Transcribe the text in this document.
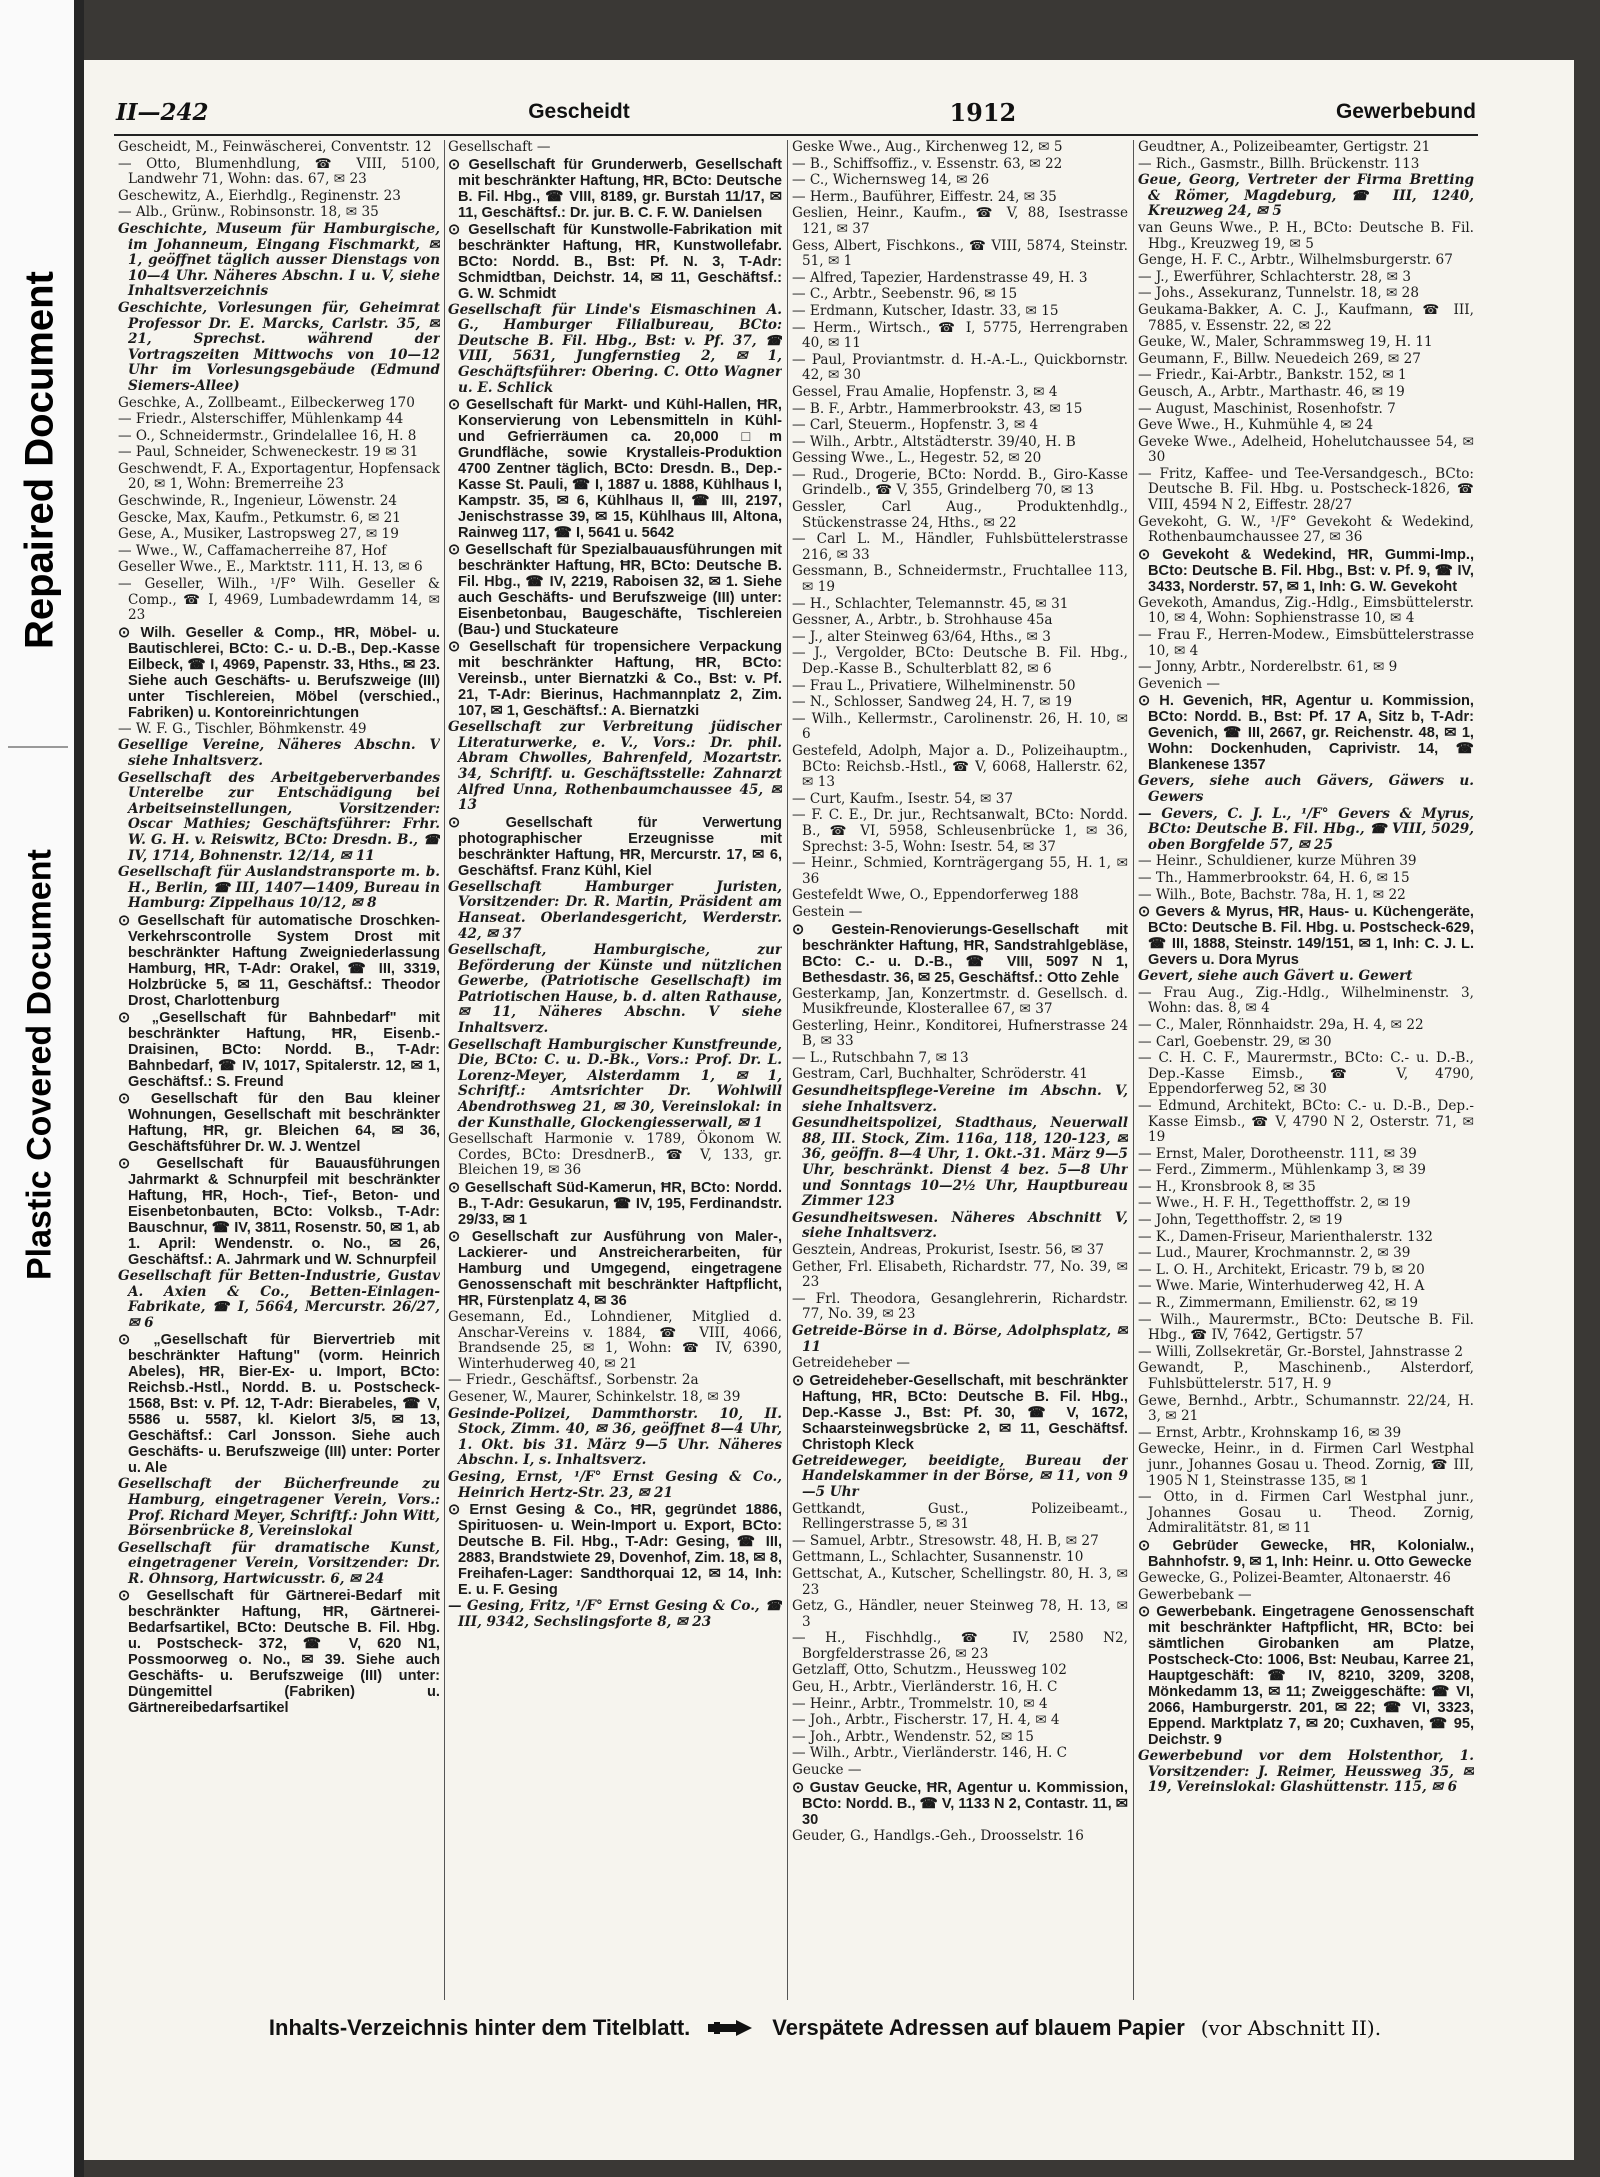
Repaired Document
Plastic Covered Document
II—242	Gescheidt	1912	Gewerbebund

Gescheidt, M., Feinwäscherei, Conventstr. 12

— Otto, Blumenhdlung, ☎ VIII, 5100, Landwehr 71, Wohn: das. 67, ✉ 23

Geschewitz, A., Eierhdlg., Reginenstr. 23

— Alb., Grünw., Robinsonstr. 18, ✉ 35

Geschichte, Museum für Hamburgische, im Johanneum, Eingang Fischmarkt, ✉ 1, geöffnet täglich ausser Dienstags von 10—4 Uhr. Näheres Abschn. I u. V, siehe Inhaltsverzeichnis

Geschichte, Vorlesungen für, Geheimrat Professor Dr. E. Marcks, Carlstr. 35, ✉ 21, Sprechst. während der Vortragszeiten Mittwochs von 10—12 Uhr im Vorlesungsgebäude (Edmund Siemers-Allee)

Geschke, A., Zollbeamt., Eilbeckerweg 170

— Friedr., Alsterschiffer, Mühlenkamp 44

— O., Schneidermstr., Grindelallee 16, H. 8

— Paul, Schneider, Schweneckestr. 19 ✉ 31

Geschwendt, F. A., Exportagentur, Hopfensack 20, ✉ 1, Wohn: Bremerreihe 23

Geschwinde, R., Ingenieur, Löwenstr. 24

Gescke, Max, Kaufm., Petkumstr. 6, ✉ 21

Gese, A., Musiker, Lastropsweg 27, ✉ 19

— Wwe., W., Caffamacherreihe 87, Hof

Geseller Wwe., E., Marktstr. 111, H. 13, ✉ 6

— Geseller, Wilh., ¹/F° Wilh. Geseller & Comp., ☎ I, 4969, Lumbadewrdamm 14, ✉ 23

⊙ Wilh. Geseller & Comp., ĦR, Möbel- u. Bautischlerei, BCto: C.- u. D.-B., Dep.-Kasse Eilbeck, ☎ I, 4969, Papenstr. 33, Hths., ✉ 23. Siehe auch Geschäfts- u. Berufszweige (III) unter Tischlereien, Möbel (verschied., Fabriken) u. Kontoreinrichtungen

— W. F. G., Tischler, Böhmkenstr. 49

Gesellige Vereine, Näheres Abschn. V siehe Inhaltsverz.

Gesellschaft des Arbeitgeberverbandes Unterelbe zur Entschädigung bei Arbeitseinstellungen, Vorsitzender: Oscar Mathies; Geschäftsführer: Frhr. W. G. H. v. Reiswitz, BCto: Dresdn. B., ☎ IV, 1714, Bohnenstr. 12/14, ✉ 11

Gesellschaft für Auslandstransporte m. b. H., Berlin, ☎ III, 1407—1409, Bureau in Hamburg: Zippelhaus 10/12, ✉ 8

⊙ Gesellschaft für automatische Droschken-Verkehrscontrolle System Drost mit beschränkter Haftung Zweigniederlassung Hamburg, ĦR, T-Adr: Orakel, ☎ III, 3319, Holzbrücke 5, ✉ 11, Geschäftsf.: Theodor Drost, Charlottenburg

⊙ „Gesellschaft für Bahnbedarf" mit beschränkter Haftung, ĦR, Eisenb.-Draisinen, BCto: Nordd. B., T-Adr: Bahnbedarf, ☎ IV, 1017, Spitalerstr. 12, ✉ 1, Geschäftsf.: S. Freund

⊙ Gesellschaft für den Bau kleiner Wohnungen, Gesellschaft mit beschränkter Haftung, ĦR, gr. Bleichen 64, ✉ 36, Geschäftsführer Dr. W. J. Wentzel

⊙ Gesellschaft für Bauausführungen Jahrmarkt & Schnurpfeil mit beschränkter Haftung, ĦR, Hoch-, Tief-, Beton- und Eisenbetonbauten, BCto: Volksb., T-Adr: Bauschnur, ☎ IV, 3811, Rosenstr. 50, ✉ 1, ab 1. April: Wendenstr. o. No., ✉ 26, Geschäftsf.: A. Jahrmark und W. Schnurpfeil

Gesellschaft für Betten-Industrie, Gustav A. Axien & Co., Betten-Einlagen-Fabrikate, ☎ I, 5664, Mercurstr. 26/27, ✉ 6

⊙ „Gesellschaft für Biervertrieb mit beschränkter Haftung" (vorm. Heinrich Abeles), ĦR, Bier-Ex- u. Import, BCto: Reichsb.-Hstl., Nordd. B. u. Postscheck- 1568, Bst: v. Pf. 12, T-Adr: Bierabeles, ☎ V, 5586 u. 5587, kl. Kielort 3/5, ✉ 13, Geschäftsf.: Carl Jonsson. Siehe auch Geschäfts- u. Berufszweige (III) unter: Porter u. Ale

Gesellschaft der Bücherfreunde zu Hamburg, eingetragener Verein, Vors.: Prof. Richard Meyer, Schriftf.: John Witt, Börsenbrücke 8, Vereinslokal

Gesellschaft für dramatische Kunst, eingetragener Verein, Vorsitzender: Dr. R. Ohnsorg, Hartwicusstr. 6, ✉ 24

⊙ Gesellschaft für Gärtnerei-Bedarf mit beschränkter Haftung, ĦR, Gärtnerei-Bedarfsartikel, BCto: Deutsche B. Fil. Hbg. u. Postscheck- 372, ☎ V, 620 N1, Possmoorweg o. No., ✉ 39. Siehe auch Geschäfts- u. Berufszweige (III) unter: Düngemittel (Fabriken) u. Gärtnereibedarfsartikel

Gesellschaft —

⊙ Gesellschaft für Grunderwerb, Gesellschaft mit beschränkter Haftung, ĦR, BCto: Deutsche B. Fil. Hbg., ☎ VIII, 8189, gr. Burstah 11/17, ✉ 11, Geschäftsf.: Dr. jur. B. C. F. W. Danielsen

⊙ Gesellschaft für Kunstwolle-Fabrikation mit beschränkter Haftung, ĦR, Kunstwollefabr. BCto: Nordd. B., Bst: Pf. N. 3, T-Adr: Schmidtban, Deichstr. 14, ✉ 11, Geschäftsf.: G. W. Schmidt

Gesellschaft für Linde's Eismaschinen A. G., Hamburger Filialbureau, BCto: Deutsche B. Fil. Hbg., Bst: v. Pf. 37, ☎ VIII, 5631, Jungfernstieg 2, ✉ 1, Geschäftsführer: Obering. C. Otto Wagner u. E. Schlick

⊙ Gesellschaft für Markt- und Kühl-Hallen, ĦR, Konservierung von Lebensmitteln in Kühl- und Gefrierräumen ca. 20,000 □m Grundfläche, sowie Krystalleis-Produktion 4700 Zentner täglich, BCto: Dresdn. B., Dep.-Kasse St. Pauli, ☎ I, 1887 u. 1888, Kühlhaus I, Kampstr. 35, ✉ 6, Kühlhaus II, ☎ III, 2197, Jenischstrasse 39, ✉ 15, Kühlhaus III, Altona, Rainweg 117, ☎ I, 5641 u. 5642

⊙ Gesellschaft für Spezialbauausführungen mit beschränkter Haftung, ĦR, BCto: Deutsche B. Fil. Hbg., ☎ IV, 2219, Raboisen 32, ✉ 1. Siehe auch Geschäfts- und Berufszweige (III) unter: Eisenbetonbau, Baugeschäfte, Tischlereien (Bau-) und Stuckateure

⊙ Gesellschaft für tropensichere Verpackung mit beschränkter Haftung, ĦR, BCto: Vereinsb., unter Biernatzki & Co., Bst: v. Pf. 21, T-Adr: Bierinus, Hachmannplatz 2, Zim. 107, ✉ 1, Geschäftsf.: A. Biernatzki

Gesellschaft zur Verbreitung jüdischer Literaturwerke, e. V., Vors.: Dr. phil. Abram Chwolles, Bahrenfeld, Mozartstr. 34, Schriftf. u. Geschäftsstelle: Zahnarzt Alfred Unna, Rothenbaumchaussee 45, ✉ 13

⊙ Gesellschaft für Verwertung photographischer Erzeugnisse mit beschränkter Haftung, ĦR, Mercurstr. 17, ✉ 6, Geschäftsf. Franz Kühl, Kiel

Gesellschaft Hamburger Juristen, Vorsitzender: Dr. R. Martin, Präsident am Hanseat. Oberlandesgericht, Werderstr. 42, ✉ 37

Gesellschaft, Hamburgische, zur Beförderung der Künste und nützlichen Gewerbe, (Patriotische Gesellschaft) im Patriotischen Hause, b. d. alten Rathause, ✉ 11, Näheres Abschn. V siehe Inhaltsverz.

Gesellschaft Hamburgischer Kunstfreunde, Die, BCto: C. u. D.-Bk., Vors.: Prof. Dr. L. Lorenz-Meyer, Alsterdamm 1, ✉ 1, Schriftf.: Amtsrichter Dr. Wohlwill Abendrothsweg 21, ✉ 30, Vereinslokal: in der Kunsthalle, Glockengiesserwall, ✉ 1

Gesellschaft Harmonie v. 1789, Ökonom W. Cordes, BCto: DresdnerB., ☎ V, 133, gr. Bleichen 19, ✉ 36

⊙ Gesellschaft Süd-Kamerun, ĦR, BCto: Nordd. B., T-Adr: Gesukarun, ☎ IV, 195, Ferdinandstr. 29/33, ✉ 1

⊙ Gesellschaft zur Ausführung von Maler-, Lackierer- und Anstreicherarbeiten, für Hamburg und Umgegend, eingetragene Genossenschaft mit beschränkter Haftpflicht, ĦR, Fürstenplatz 4, ✉ 36

Gesemann, Ed., Lohndiener, Mitglied d. Anschar-Vereins v. 1884, ☎ VIII, 4066, Brandsende 25, ✉ 1, Wohn: ☎ IV, 6390, Winterhuderweg 40, ✉ 21

— Friedr., Geschäftsf., Sorbenstr. 2a

Gesener, W., Maurer, Schinkelstr. 18, ✉ 39

Gesinde-Polizei, Dammthorstr. 10, II. Stock, Zimm. 40, ✉ 36, geöffnet 8—4 Uhr, 1. Okt. bis 31. März 9—5 Uhr. Näheres Abschn. I, s. Inhaltsverz.

Gesing, Ernst, ¹/F° Ernst Gesing & Co., Heinrich Hertz-Str. 23, ✉ 21

⊙ Ernst Gesing & Co., ĦR, gegründet 1886, Spirituosen- u. Wein-Import u. Export, BCto: Deutsche B. Fil. Hbg., T-Adr: Gesing, ☎ III, 2883, Brandstwiete 29, Dovenhof, Zim. 18, ✉ 8, Freihafen-Lager: Sandthorquai 12, ✉ 14, Inh: E. u. F. Gesing

— Gesing, Fritz, ¹/F° Ernst Gesing & Co., ☎ III, 9342, Sechslingsforte 8, ✉ 23

Geske Wwe., Aug., Kirchenweg 12, ✉ 5

— B., Schiffsoffiz., v. Essenstr. 63, ✉ 22

— C., Wichernsweg 14, ✉ 26

— Herm., Bauführer, Eiffestr. 24, ✉ 35

Geslien, Heinr., Kaufm., ☎ V, 88, Isestrasse 121, ✉ 37

Gess, Albert, Fischkons., ☎ VIII, 5874, Steinstr. 51, ✉ 1

— Alfred, Tapezier, Hardenstrasse 49, H. 3

— C., Arbtr., Seebenstr. 96, ✉ 15

— Erdmann, Kutscher, Idastr. 33, ✉ 15

— Herm., Wirtsch., ☎ I, 5775, Herrengraben 40, ✉ 11

— Paul, Proviantmstr. d. H.-A.-L., Quickbornstr. 42, ✉ 30

Gessel, Frau Amalie, Hopfenstr. 3, ✉ 4

— B. F., Arbtr., Hammerbrookstr. 43, ✉ 15

— Carl, Steuerm., Hopfenstr. 3, ✉ 4

— Wilh., Arbtr., Altstädterstr. 39/40, H. B

Gessing Wwe., L., Hegestr. 52, ✉ 20

— Rud., Drogerie, BCto: Nordd. B., Giro-Kasse Grindelb., ☎ V, 355, Grindelberg 70, ✉ 13

Gessler, Carl Aug., Produktenhdlg., Stückenstrasse 24, Hths., ✉ 22

— Carl L. M., Händler, Fuhlsbüttelerstrasse 216, ✉ 33

Gessmann, B., Schneidermstr., Fruchtallee 113, ✉ 19

— H., Schlachter, Telemannstr. 45, ✉ 31

Gessner, A., Arbtr., b. Strohhause 45a

— J., alter Steinweg 63/64, Hths., ✉ 3

— J., Vergolder, BCto: Deutsche B. Fil. Hbg., Dep.-Kasse B., Schulterblatt 82, ✉ 6

— Frau L., Privatiere, Wilhelminenstr. 50

— N., Schlosser, Sandweg 24, H. 7, ✉ 19

— Wilh., Kellermstr., Carolinenstr. 26, H. 10, ✉ 6

Gestefeld, Adolph, Major a. D., Polizeihauptm., BCto: Reichsb.-Hstl., ☎ V, 6068, Hallerstr. 62, ✉ 13

— Curt, Kaufm., Isestr. 54, ✉ 37

— F. C. E., Dr. jur., Rechtsanwalt, BCto: Nordd. B., ☎ VI, 5958, Schleusenbrücke 1, ✉ 36, Sprechst: 3-5, Wohn: Isestr. 54, ✉ 37

— Heinr., Schmied, Kornträgergang 55, H. 1, ✉ 36

Gestefeldt Wwe, O., Eppendorferweg 188

Gestein —

⊙ Gestein-Renovierungs-Gesellschaft mit beschränkter Haftung, ĦR, Sandstrahlgebläse, BCto: C.- u. D.-B., ☎ VIII, 5097 N 1, Bethesdastr. 36, ✉ 25, Geschäftsf.: Otto Zehle

Gesterkamp, Jan, Konzertmstr. d. Gesellsch. d. Musikfreunde, Klosterallee 67, ✉ 37

Gesterling, Heinr., Konditorei, Hufnerstrasse 24 B, ✉ 33

— L., Rutschbahn 7, ✉ 13

Gestram, Carl, Buchhalter, Schröderstr. 41

Gesundheitspflege-Vereine im Abschn. V, siehe Inhaltsverz.

Gesundheitspolizei, Stadthaus, Neuerwall 88, III. Stock, Zim. 116a, 118, 120-123, ✉ 36, geöffn. 8—4 Uhr, 1. Okt.-31. März 9—5 Uhr, beschränkt. Dienst 4 bez. 5—8 Uhr und Sonntags 10—2½ Uhr, Hauptbureau Zimmer 123

Gesundheitswesen. Näheres Abschnitt V, siehe Inhaltsverz.

Gesztein, Andreas, Prokurist, Isestr. 56, ✉ 37

Gether, Frl. Elisabeth, Richardstr. 77, No. 39, ✉ 23

— Frl. Theodora, Gesanglehrerin, Richardstr. 77, No. 39, ✉ 23

Getreide-Börse in d. Börse, Adolphsplatz, ✉ 11

Getreideheber —

⊙ Getreideheber-Gesellschaft, mit beschränkter Haftung, ĦR, BCto: Deutsche B. Fil. Hbg., Dep.-Kasse J., Bst: Pf. 30, ☎ V, 1672, Schaarsteinwegsbrücke 2, ✉ 11, Geschäftsf. Christoph Kleck

Getreideweger, beeidigte, Bureau der Handelskammer in der Börse, ✉ 11, von 9—5 Uhr

Gettkandt, Gust., Polizeibeamt., Rellingerstrasse 5, ✉ 31

— Samuel, Arbtr., Stresowstr. 48, H. B, ✉ 27

Gettmann, L., Schlachter, Susannenstr. 10

Gettschat, A., Kutscher, Schellingstr. 80, H. 3, ✉ 23

Getz, G., Händler, neuer Steinweg 78, H. 13, ✉ 3

— H., Fischhdlg., ☎ IV, 2580 N2, Borgfelderstrasse 26, ✉ 23

Getzlaff, Otto, Schutzm., Heussweg 102

Geu, H., Arbtr., Vierländerstr. 16, H. C

— Heinr., Arbtr., Trommelstr. 10, ✉ 4

— Joh., Arbtr., Fischerstr. 17, H. 4, ✉ 4

— Joh., Arbtr., Wendenstr. 52, ✉ 15

— Wilh., Arbtr., Vierländerstr. 146, H. C

Geucke —

⊙ Gustav Geucke, ĦR, Agentur u. Kommission, BCto: Nordd. B., ☎ V, 1133 N 2, Contastr. 11, ✉ 30

Geuder, G., Handlgs.-Geh., Droosselstr. 16

Geudtner, A., Polizeibeamter, Gertigstr. 21

— Rich., Gasmstr., Billh. Brückenstr. 113

Geue, Georg, Vertreter der Firma Bretting & Römer, Magdeburg, ☎ III, 1240, Kreuzweg 24, ✉ 5

van Geuns Wwe., P. H., BCto: Deutsche B. Fil. Hbg., Kreuzweg 19, ✉ 5

Genge, H. F. C., Arbtr., Wilhelmsburgerstr. 67

— J., Ewerführer, Schlachterstr. 28, ✉ 3

— Johs., Assekuranz, Tunnelstr. 18, ✉ 28

Geukama-Bakker, A. C. J., Kaufmann, ☎ III, 7885, v. Essenstr. 22, ✉ 22

Geuke, W., Maler, Schrammsweg 19, H. 11

Geumann, F., Billw. Neuedeich 269, ✉ 27

— Friedr., Kai-Arbtr., Bankstr. 152, ✉ 1

Geusch, A., Arbtr., Marthastr. 46, ✉ 19

— August, Maschinist, Rosenhofstr. 7

Geve Wwe., H., Kuhmühle 4, ✉ 24

Geveke Wwe., Adelheid, Hohelutchaussee 54, ✉ 30

— Fritz, Kaffee- und Tee-Versandgesch., BCto: Deutsche B. Fil. Hbg. u. Postscheck-1826, ☎ VIII, 4594 N 2, Eiffestr. 28/27

Gevekoht, G. W., ¹/F° Gevekoht & Wedekind, Rothenbaumchaussee 27, ✉ 36

⊙ Gevekoht & Wedekind, ĦR, Gummi-Imp., BCto: Deutsche B. Fil. Hbg., Bst: v. Pf. 9, ☎ IV, 3433, Norderstr. 57, ✉ 1, Inh: G. W. Gevekoht

Gevekoth, Amandus, Zig.-Hdlg., Eimsbüttelerstr. 10, ✉ 4, Wohn: Sophienstrasse 10, ✉ 4

— Frau F., Herren-Modew., Eimsbüttelerstrasse 10, ✉ 4

— Jonny, Arbtr., Norderelbstr. 61, ✉ 9

Gevenich —

⊙ H. Gevenich, ĦR, Agentur u. Kommission, BCto: Nordd. B., Bst: Pf. 17 A, Sitz b, T-Adr: Gevenich, ☎ III, 2667, gr. Reichenstr. 48, ✉ 1, Wohn: Dockenhuden, Caprivistr. 14, ☎ Blankenese 1357

Gevers, siehe auch Gävers, Gäwers u. Gewers

— Gevers, C. J. L., ¹/F° Gevers & Myrus, BCto: Deutsche B. Fil. Hbg., ☎ VIII, 5029, oben Borgfelde 57, ✉ 25

— Heinr., Schuldiener, kurze Mühren 39

— Th., Hammerbrookstr. 64, H. 6, ✉ 15

— Wilh., Bote, Bachstr. 78a, H. 1, ✉ 22

⊙ Gevers & Myrus, ĦR, Haus- u. Küchengeräte, BCto: Deutsche B. Fil. Hbg. u. Postscheck-629, ☎ III, 1888, Steinstr. 149/151, ✉ 1, Inh: C. J. L. Gevers u. Dora Myrus

Gevert, siehe auch Gävert u. Gewert

— Frau Aug., Zig.-Hdlg., Wilhelminenstr. 3, Wohn: das. 8, ✉ 4

— C., Maler, Rönnhaidstr. 29a, H. 4, ✉ 22

— Carl, Goebenstr. 29, ✉ 30

— C. H. C. F., Maurermstr., BCto: C.- u. D.-B., Dep.-Kasse Eimsb., ☎ V, 4790, Eppendorferweg 52, ✉ 30

— Edmund, Architekt, BCto: C.- u. D.-B., Dep.-Kasse Eimsb., ☎ V, 4790 N 2, Osterstr. 71, ✉ 19

— Ernst, Maler, Dorotheenstr. 111, ✉ 39

— Ferd., Zimmerm., Mühlenkamp 3, ✉ 39

— H., Kronsbrook 8, ✉ 35

— Wwe., H. F. H., Tegetthoffstr. 2, ✉ 19

— John, Tegetthoffstr. 2, ✉ 19

— K., Damen-Friseur, Marienthalerstr. 132

— Lud., Maurer, Krochmannstr. 2, ✉ 39

— L. O. H., Architekt, Ericastr. 79 b, ✉ 20

— Wwe. Marie, Winterhuderweg 42, H. A

— R., Zimmermann, Emilienstr. 62, ✉ 19

— Wilh., Maurermstr., BCto: Deutsche B. Fil. Hbg., ☎ IV, 7642, Gertigstr. 57

— Willi, Zollsekretär, Gr.-Borstel, Jahnstrasse 2

Gewandt, P., Maschinenb., Alsterdorf, Fuhlsbüttelerstr. 517, H. 9

Gewe, Bernhd., Arbtr., Schumannstr. 22/24, H. 3, ✉ 21

— Ernst, Arbtr., Krohnskamp 16, ✉ 39

Gewecke, Heinr., in d. Firmen Carl Westphal junr., Johannes Gosau u. Theod. Zornig, ☎ III, 1905 N 1, Steinstrasse 135, ✉ 1

— Otto, in d. Firmen Carl Westphal junr., Johannes Gosau u. Theod. Zornig, Admiralitätstr. 81, ✉ 11

⊙ Gebrüder Gewecke, ĦR, Kolonialw., Bahnhofstr. 9, ✉ 1, Inh: Heinr. u. Otto Gewecke

Gewecke, G., Polizei-Beamter, Altonaerstr. 46

Gewerbebank —

⊙ Gewerbebank. Eingetragene Genossenschaft mit beschränkter Haftpflicht, ĦR, BCto: bei sämtlichen Girobanken am Platze, Postscheck-Cto: 1006, Bst: Neubau, Karree 21, Hauptgeschäft: ☎ IV, 8210, 3209, 3208, Mönkedamm 13, ✉ 11; Zweiggeschäfte: ☎ VI, 2066, Hamburgerstr. 201, ✉ 22; ☎ VI, 3323, Eppend. Marktplatz 7, ✉ 20; Cuxhaven, ☎ 95, Deichstr. 9

Gewerbebund vor dem Holstenthor, 1. Vorsitzender: J. Reimer, Heussweg 35, ✉ 19, Vereinslokal: Glashüttenstr. 115, ✉ 6

Inhalts-Verzeichnis hinter dem Titelblatt.	Verspätete Adressen auf blauem Papier (vor Abschnitt II).
